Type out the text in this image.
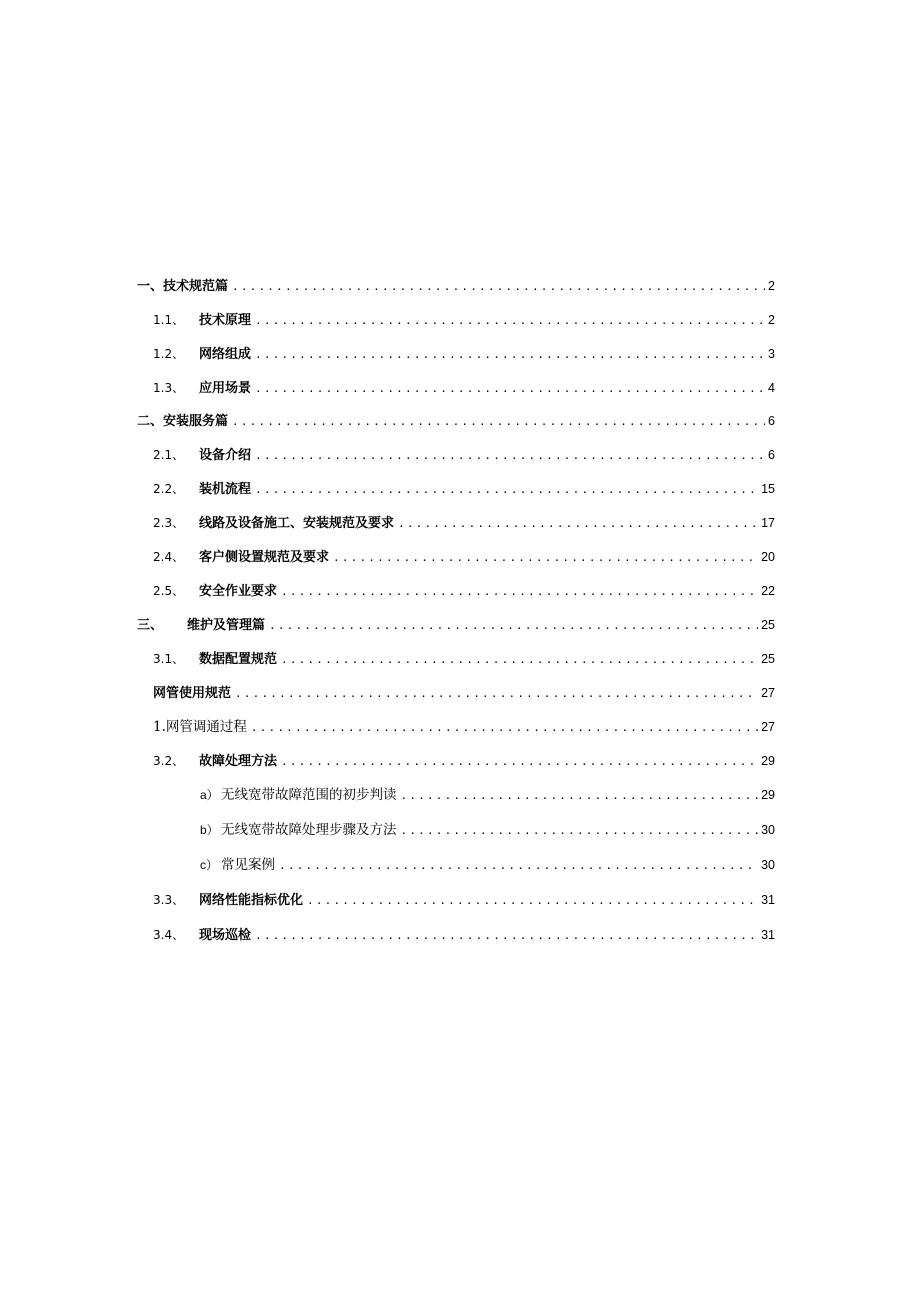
一、技术规范篇 .....	2
1.1、	技术原理 .....	2
1.2、	网络组成 .....	3
1.3、	应用场景 .....	4
二、安装服务篇 .....	6
2.1、	设备介绍 .....	6
2.2、	装机流程 .....	15
2.3、	线路及设备施工、安装规范及要求 .....	17
2.4、	客户侧设置规范及要求 .....	20
2.5、	安全作业要求 .....	22
三、	维护及管理篇 .....	25
3.1、	数据配置规范 .....	25
网管使用规范 .....	27
1.网管调通过程 .....	27
3.2、	故障处理方法 .....	29
a） 无线宽带故障范围的初步判读 .....	29
b） 无线宽带故障处理步骤及方法 .....	30
c） 常见案例 .....	30
3.3、	网络性能指标优化 .....	31
3.4、	现场巡检 .....	31
